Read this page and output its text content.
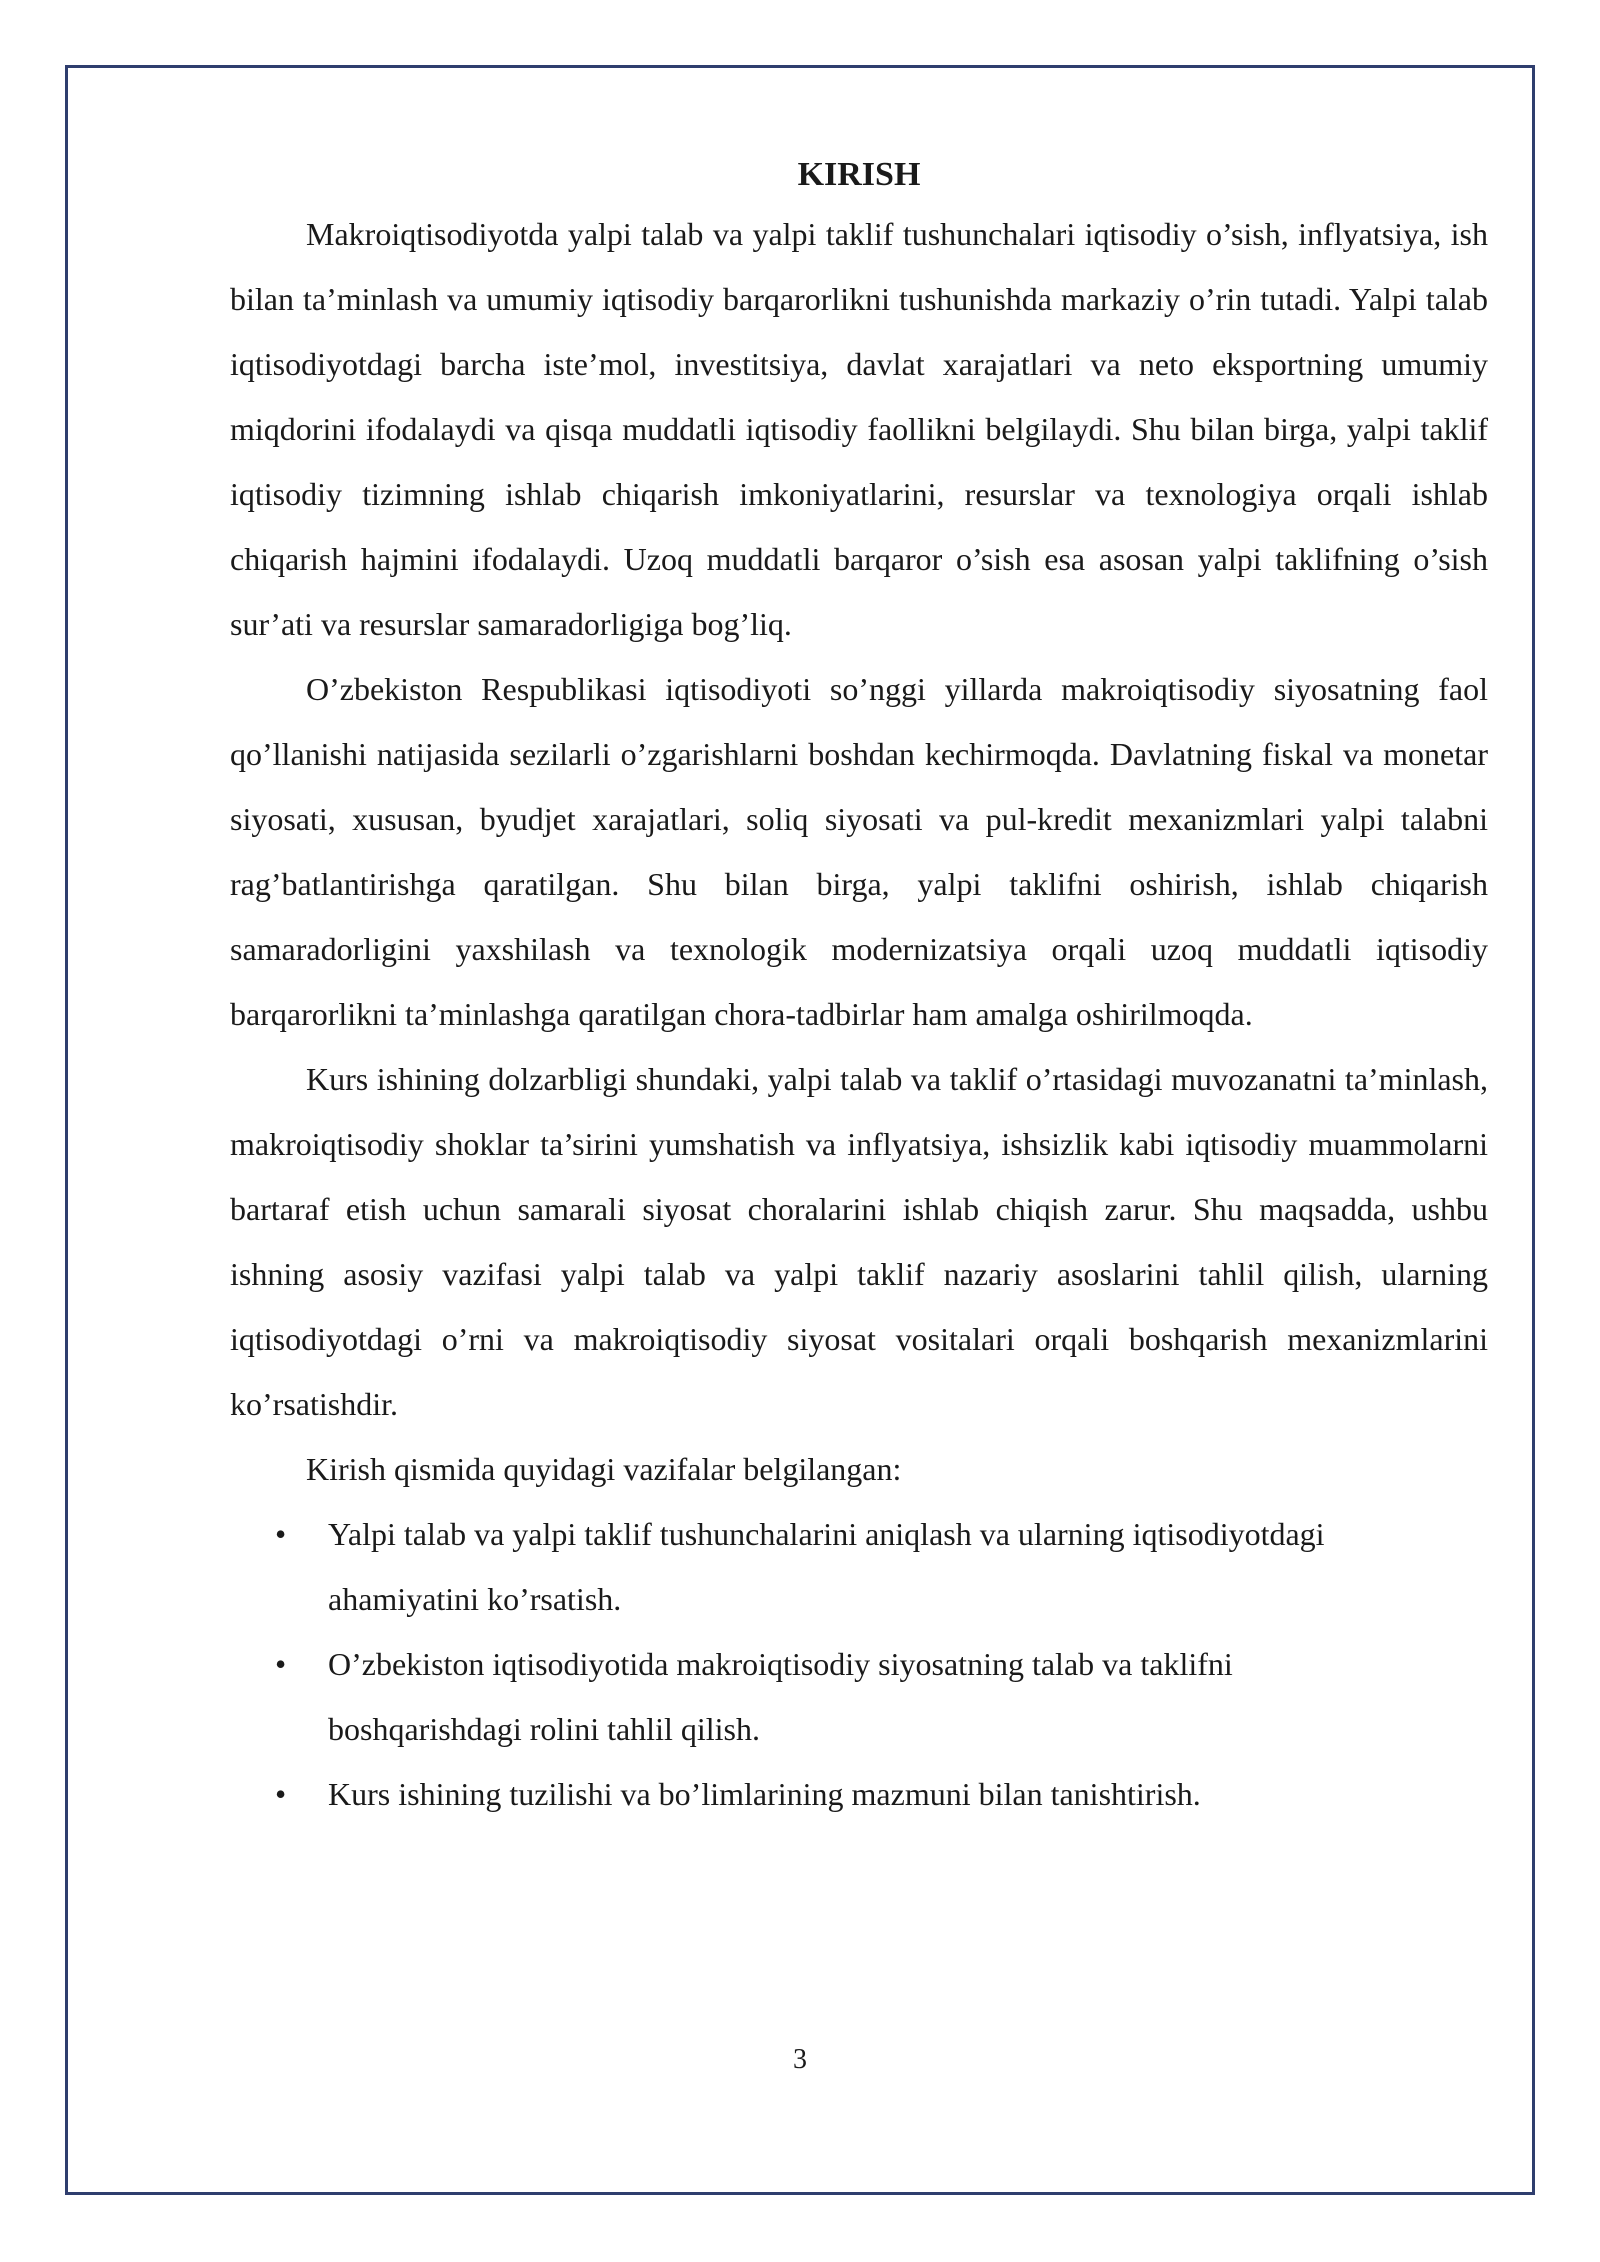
KIRISH

Makroiqtisodiyotda yalpi talab va yalpi taklif tushunchalari iqtisodiy o’sish, inflyatsiya, ish bilan ta’minlash va umumiy iqtisodiy barqarorlikni tushunishda markaziy o’rin tutadi. Yalpi talab iqtisodiyotdagi barcha iste’mol, investitsiya, davlat xarajatlari va neto eksportning umumiy miqdorini ifodalaydi va qisqa muddatli iqtisodiy faollikni belgilaydi. Shu bilan birga, yalpi taklif iqtisodiy tizimning ishlab chiqarish imkoniyatlarini, resurslar va texnologiya orqali ishlab chiqarish hajmini ifodalaydi. Uzoq muddatli barqaror o’sish esa asosan yalpi taklifning o’sish sur’ati va resurslar samaradorligiga bog’liq.

O’zbekiston Respublikasi iqtisodiyoti so’nggi yillarda makroiqtisodiy siyosatning faol qo’llanishi natijasida sezilarli o’zgarishlarni boshdan kechirmoqda. Davlatning fiskal va monetar siyosati, xususan, byudjet xarajatlari, soliq siyosati va pul-kredit mexanizmlari yalpi talabni rag’batlantirishga qaratilgan. Shu bilan birga, yalpi taklifni oshirish, ishlab chiqarish samaradorligini yaxshilash va texnologik modernizatsiya orqali uzoq muddatli iqtisodiy barqarorlikni ta’minlashga qaratilgan chora-tadbirlar ham amalga oshirilmoqda.

Kurs ishining dolzarbligi shundaki, yalpi talab va taklif o’rtasidagi muvozanatni ta’minlash, makroiqtisodiy shoklar ta’sirini yumshatish va inflyatsiya, ishsizlik kabi iqtisodiy muammolarni bartaraf etish uchun samarali siyosat choralarini ishlab chiqish zarur. Shu maqsadda, ushbu ishning asosiy vazifasi yalpi talab va yalpi taklif nazariy asoslarini tahlil qilish, ularning iqtisodiyotdagi o’rni va makroiqtisodiy siyosat vositalari orqali boshqarish mexanizmlarini ko’rsatishdir.

Kirish qismida quyidagi vazifalar belgilangan:

• Yalpi talab va yalpi taklif tushunchalarini aniqlash va ularning iqtisodiyotdagi ahamiyatini ko’rsatish.
• O’zbekiston iqtisodiyotida makroiqtisodiy siyosatning talab va taklifni boshqarishdagi rolini tahlil qilish.
• Kurs ishining tuzilishi va bo’limlarining mazmuni bilan tanishtirish.
3
